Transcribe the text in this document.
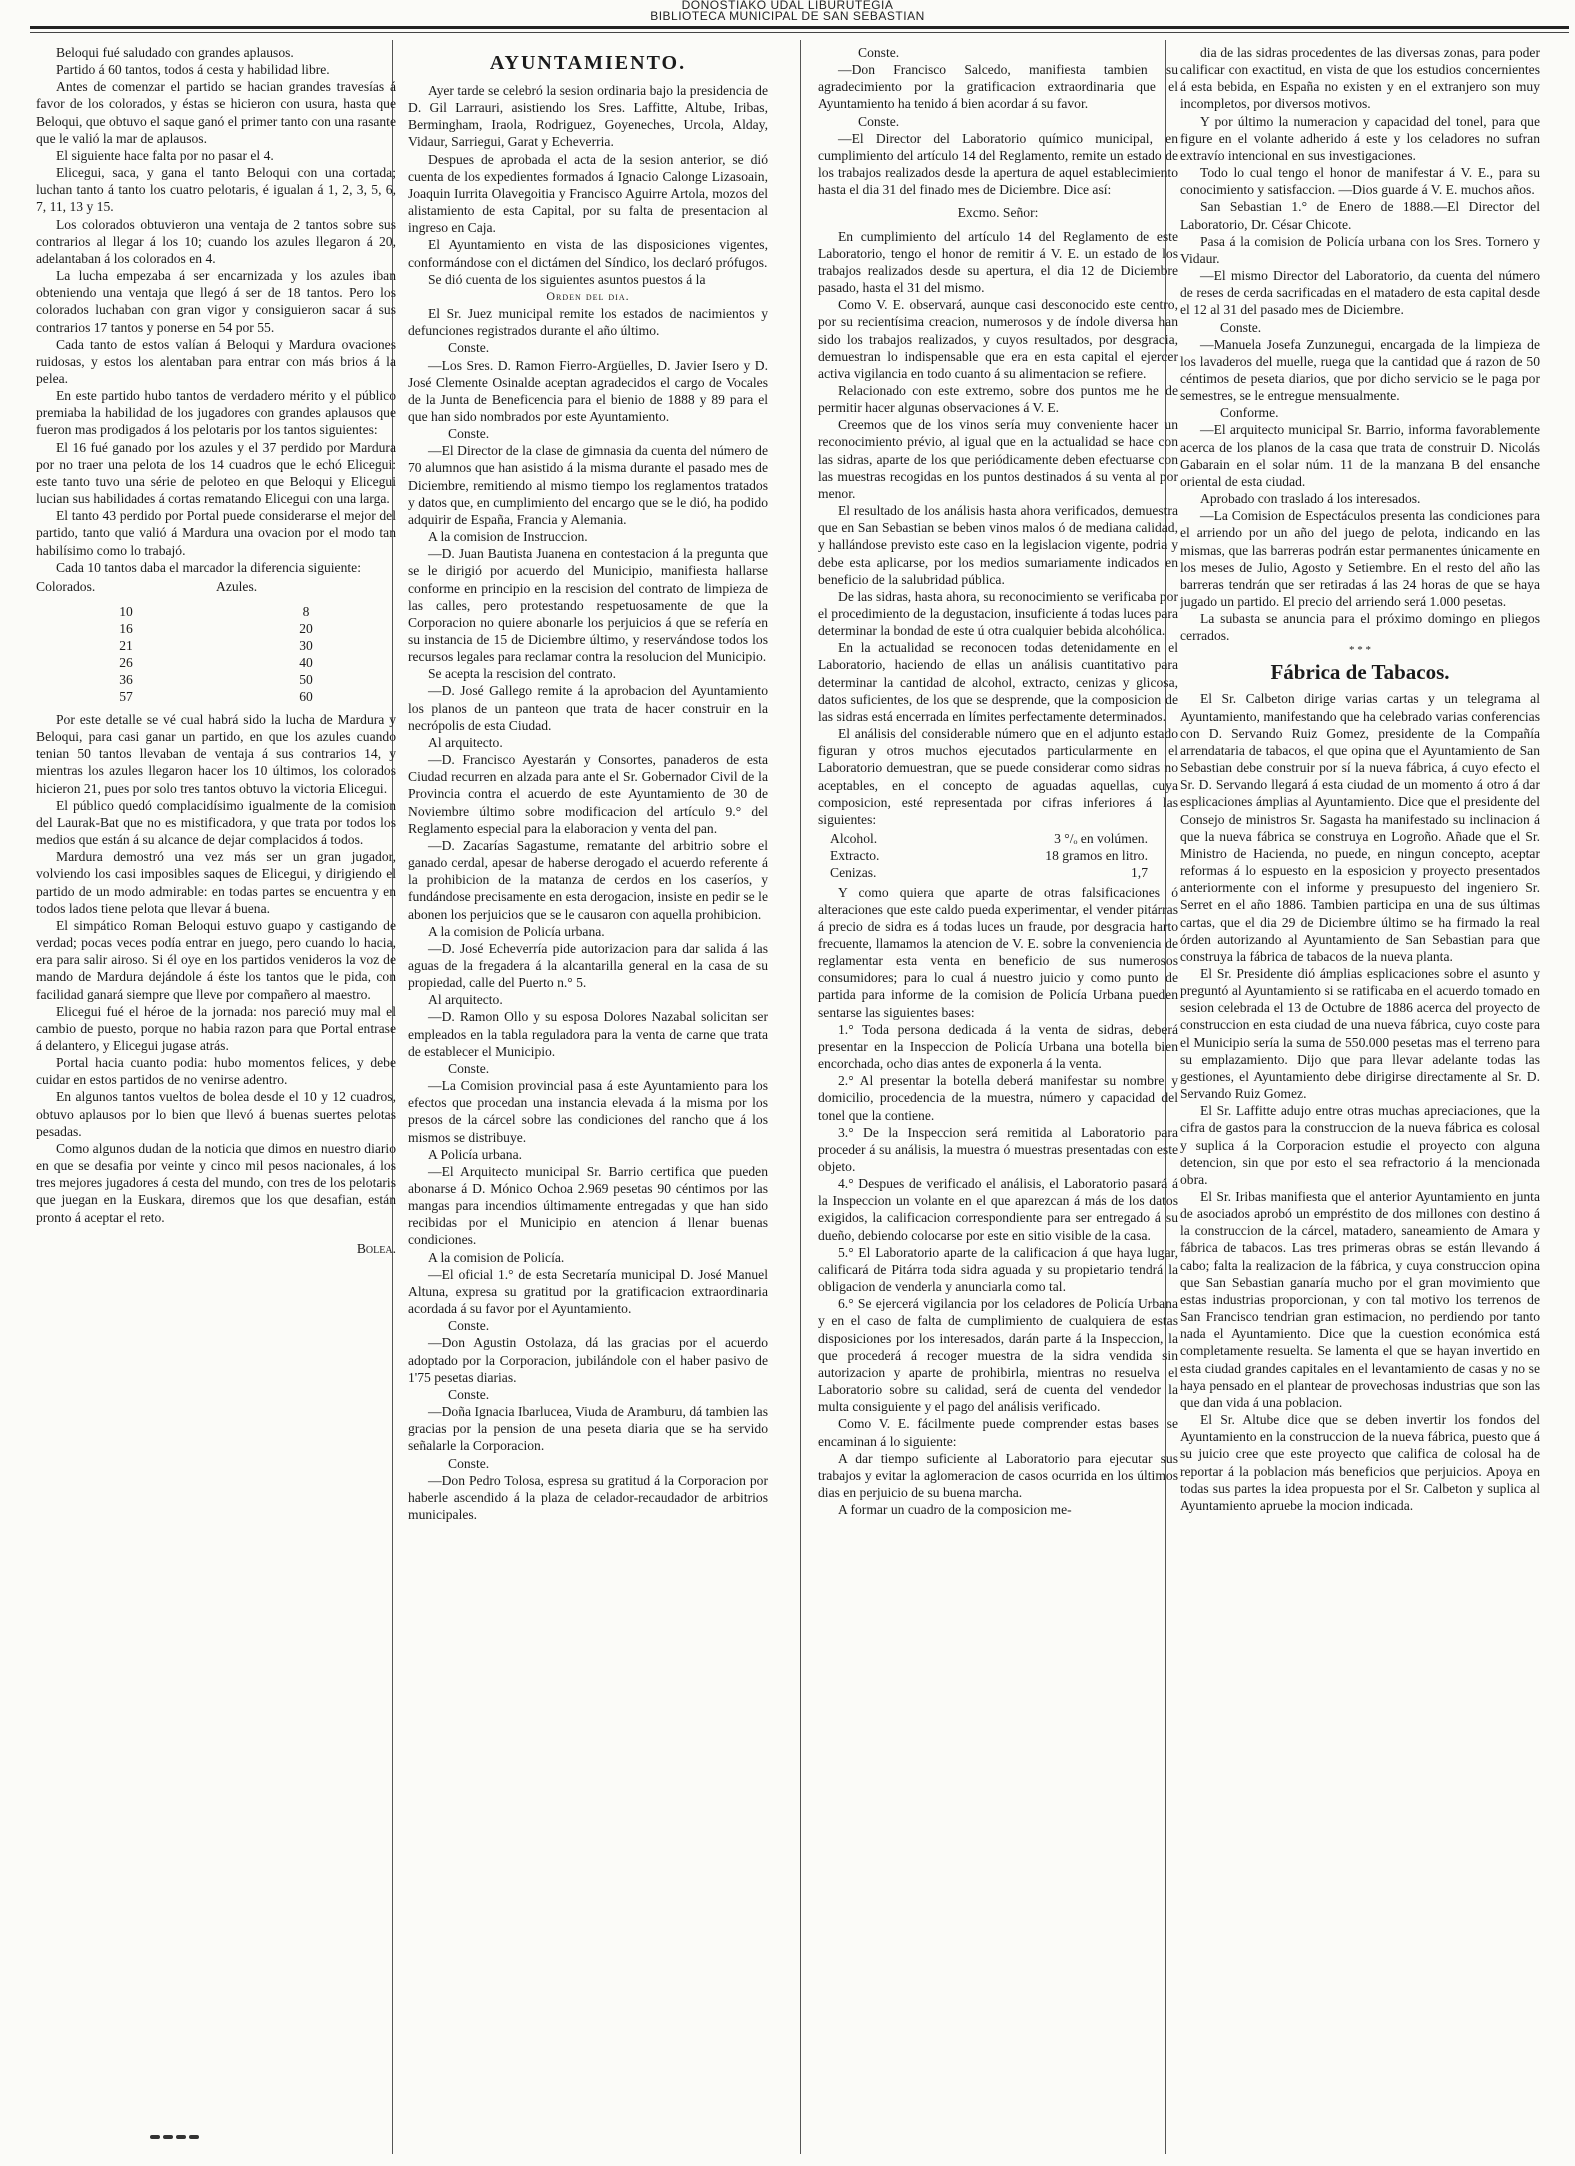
DONOSTIAKO UDAL LIBURUTEGIA
BIBLIOTECA MUNICIPAL DE SAN SEBASTIAN

Beloqui fué saludado con grandes aplausos.

Partido á 60 tantos, todos á cesta y habilidad libre.

Antes de comenzar el partido se hacian grandes travesías á favor de los colorados, y éstas se hicieron con usura, hasta que Beloqui, que obtuvo el saque ganó el primer tanto con una rasante que le valió la mar de aplausos.

El siguiente hace falta por no pasar el 4.

Elicegui, saca, y gana el tanto Beloqui con una cortada; luchan tanto á tanto los cuatro pelotaris, é igualan á 1, 2, 3, 5, 6, 7, 11, 13 y 15.

Los colorados obtuvieron una ventaja de 2 tantos sobre sus contrarios al llegar á los 10; cuando los azules llegaron á 20, adelantaban á los colorados en 4.

La lucha empezaba á ser encarnizada y los azules iban obteniendo una ventaja que llegó á ser de 18 tantos. Pero los colorados luchaban con gran vigor y consiguieron sacar á sus contrarios 17 tantos y ponerse en 54 por 55.

Cada tanto de estos valían á Beloqui y Mardura ovaciones ruidosas, y estos los alentaban para entrar con más brios á la pelea.

En este partido hubo tantos de verdadero mérito y el público premiaba la habilidad de los jugadores con grandes aplausos que fueron mas prodigados á los pelotaris por los tantos siguientes:

El 16 fué ganado por los azules y el 37 perdido por Mardura por no traer una pelota de los 14 cuadros que le echó Elicegui: este tanto tuvo una série de peloteo en que Beloqui y Elicegui lucian sus habilidades á cortas rematando Elicegui con una larga.

El tanto 43 perdido por Portal puede considerarse el mejor del partido, tanto que valió á Mardura una ovacion por el modo tan habilísimo como lo trabajó.

Cada 10 tantos daba el marcador la diferencia siguiente:

Colorados.	Azules.
10	8
16	20
21	30
26	40
36	50
57	60

Por este detalle se vé cual habrá sido la lucha de Mardura y Beloqui, para casi ganar un partido, en que los azules cuando tenian 50 tantos llevaban de ventaja á sus contrarios 14, y mientras los azules llegaron hacer los 10 últimos, los colorados hicieron 21, pues por solo tres tantos obtuvo la victoria Elicegui.

El público quedó complacidísimo igualmente de la comision del Laurak-Bat que no es mistificadora, y que trata por todos los medios que están á su alcance de dejar complacidos á todos.

Mardura demostró una vez más ser un gran jugador, volviendo los casi imposibles saques de Elicegui, y dirigiendo el partido de un modo admirable: en todas partes se encuentra y en todos lados tiene pelota que llevar á buena.

El simpático Roman Beloqui estuvo guapo y castigando de verdad; pocas veces podía entrar en juego, pero cuando lo hacia, era para salir airoso. Si él oye en los partidos venideros la voz de mando de Mardura dejándole á éste los tantos que le pida, con facilidad ganará siempre que lleve por compañero al maestro.

Elicegui fué el héroe de la jornada: nos pareció muy mal el cambio de puesto, porque no habia razon para que Portal entrase á delantero, y Elicegui jugase atrás.

Portal hacia cuanto podia: hubo momentos felices, y debe cuidar en estos partidos de no venirse adentro.

En algunos tantos vueltos de bolea desde el 10 y 12 cuadros, obtuvo aplausos por lo bien que llevó á buenas suertes pelotas pesadas.

Como algunos dudan de la noticia que dimos en nuestro diario en que se desafia por veinte y cinco mil pesos nacionales, á los tres mejores jugadores á cesta del mundo, con tres de los pelotaris que juegan en la Euskara, diremos que los que desafian, están pronto á aceptar el reto.

Bolea.
AYUNTAMIENTO.

Ayer tarde se celebró la sesion ordinaria bajo la presidencia de D. Gil Larrauri, asistiendo los Sres. Laffitte, Altube, Iribas, Bermingham, Iraola, Rodriguez, Goyeneches, Urcola, Alday, Vidaur, Sarriegui, Garat y Echeverria.

Despues de aprobada el acta de la sesion anterior, se dió cuenta de los expedientes formados á Ignacio Calonge Lizasoain, Joaquin Iurrita Olavegoitia y Francisco Aguirre Artola, mozos del alistamiento de esta Capital, por su falta de presentacion al ingreso en Caja.

El Ayuntamiento en vista de las disposiciones vigentes, conformándose con el dictámen del Síndico, los declaró prófugos.

Se dió cuenta de los siguientes asuntos puestos á la

Orden del dia.

El Sr. Juez municipal remite los estados de nacimientos y defunciones registrados durante el año último.

Conste.

—Los Sres. D. Ramon Fierro-Argüelles, D. Javier Isero y D. José Clemente Osinalde aceptan agradecidos el cargo de Vocales de la Junta de Beneficencia para el bienio de 1888 y 89 para el que han sido nombrados por este Ayuntamiento.

Conste.

—El Director de la clase de gimnasia da cuenta del número de 70 alumnos que han asistido á la misma durante el pasado mes de Diciembre, remitiendo al mismo tiempo los reglamentos tratados y datos que, en cumplimiento del encargo que se le dió, ha podido adquirir de España, Francia y Alemania.

A la comision de Instruccion.

—D. Juan Bautista Juanena en contestacion á la pregunta que se le dirigió por acuerdo del Municipio, manifiesta hallarse conforme en principio en la rescision del contrato de limpieza de las calles, pero protestando respetuosamente de que la Corporacion no quiere abonarle los perjuicios á que se refería en su instancia de 15 de Diciembre último, y reservándose todos los recursos legales para reclamar contra la resolucion del Municipio.

Se acepta la rescision del contrato.

—D. José Gallego remite á la aprobacion del Ayuntamiento los planos de un panteon que trata de hacer construir en la necrópolis de esta Ciudad.

Al arquitecto.

—D. Francisco Ayestarán y Consortes, panaderos de esta Ciudad recurren en alzada para ante el Sr. Gobernador Civil de la Provincia contra el acuerdo de este Ayuntamiento de 30 de Noviembre último sobre modificacion del artículo 9.° del Reglamento especial para la elaboracion y venta del pan.

—D. Zacarías Sagastume, rematante del arbitrio sobre el ganado cerdal, apesar de haberse derogado el acuerdo referente á la prohibicion de la matanza de cerdos en los caseríos, y fundándose precisamente en esta derogacion, insiste en pedir se le abonen los perjuicios que se le causaron con aquella prohibicion.

A la comision de Policía urbana.

—D. José Echeverría pide autorizacion para dar salida á las aguas de la fregadera á la alcantarilla general en la casa de su propiedad, calle del Puerto n.° 5.

Al arquitecto.

—D. Ramon Ollo y su esposa Dolores Nazabal solicitan ser empleados en la tabla reguladora para la venta de carne que trata de establecer el Municipio.

Conste.

—La Comision provincial pasa á este Ayuntamiento para los efectos que procedan una instancia elevada á la misma por los presos de la cárcel sobre las condiciones del rancho que á los mismos se distribuye.

A Policía urbana.

—El Arquitecto municipal Sr. Barrio certifica que pueden abonarse á D. Mónico Ochoa 2.969 pesetas 90 céntimos por las mangas para incendios últimamente entregadas y que han sido recibidas por el Municipio en atencion á llenar buenas condiciones.

A la comision de Policía.

—El oficial 1.° de esta Secretaría municipal D. José Manuel Altuna, expresa su gratitud por la gratificacion extraordinaria acordada á su favor por el Ayuntamiento.

Conste.

—Don Agustin Ostolaza, dá las gracias por el acuerdo adoptado por la Corporacion, jubilándole con el haber pasivo de 1'75 pesetas diarias.

Conste.

—Doña Ignacia Ibarlucea, Viuda de Aramburu, dá tambien las gracias por la pension de una peseta diaria que se ha servido señalarle la Corporacion.

Conste.

—Don Pedro Tolosa, espresa su gratitud á la Corporacion por haberle ascendido á la plaza de celador-recaudador de arbitrios municipales.

Conste.

—Don Francisco Salcedo, manifiesta tambien su agradecimiento por la gratificacion extraordinaria que el Ayuntamiento ha tenido á bien acordar á su favor.

Conste.

—El Director del Laboratorio químico municipal, en cumplimiento del artículo 14 del Reglamento, remite un estado de los trabajos realizados desde la apertura de aquel establecimiento hasta el dia 31 del finado mes de Diciembre. Dice así:

Excmo. Señor:

En cumplimiento del artículo 14 del Reglamento de este Laboratorio, tengo el honor de remitir á V. E. un estado de los trabajos realizados desde su apertura, el dia 12 de Diciembre pasado, hasta el 31 del mismo.

Como V. E. observará, aunque casi desconocido este centro, por su recientísima creacion, numerosos y de índole diversa han sido los trabajos realizados, y cuyos resultados, por desgracia, demuestran lo indispensable que era en esta capital el ejercer activa vigilancia en todo cuanto á su alimentacion se refiere.

Relacionado con este extremo, sobre dos puntos me he de permitir hacer algunas observaciones á V. E.

Creemos que de los vinos sería muy conveniente hacer un reconocimiento prévio, al igual que en la actualidad se hace con las sidras, aparte de los que periódicamente deben efectuarse con las muestras recogidas en los puntos destinados á su venta al por menor.

El resultado de los análisis hasta ahora verificados, demuestra que en San Sebastian se beben vinos malos ó de mediana calidad, y hallándose previsto este caso en la legislacion vigente, podria y debe esta aplicarse, por los medios sumariamente indicados en beneficio de la salubridad pública.

De las sidras, hasta ahora, su reconocimiento se verificaba por el procedimiento de la degustacion, insuficiente á todas luces para determinar la bondad de este ú otra cualquier bebida alcohólica.

En la actualidad se reconocen todas detenidamente en el Laboratorio, haciendo de ellas un análisis cuantitativo para determinar la cantidad de alcohol, extracto, cenizas y glicosa, datos suficientes, de los que se desprende, que la composicion de las sidras está encerrada en límites perfectamente determinados.

El análisis del considerable número que en el adjunto estado figuran y otros muchos ejecutados particularmente en el Laboratorio demuestran, que se puede considerar como sidras no aceptables, en el concepto de aguadas aquellas, cuya composicion, esté representada por cifras inferiores á las siguientes:

Alcohol.	3 °/ₒ en volúmen.
Extracto.	18 gramos en litro.
Cenizas.	1,7

Y como quiera que aparte de otras falsificaciones ó alteraciones que este caldo pueda experimentar, el vender pitárras á precio de sidra es á todas luces un fraude, por desgracia harto frecuente, llamamos la atencion de V. E. sobre la conveniencia de reglamentar esta venta en beneficio de sus numerosos consumidores; para lo cual á nuestro juicio y como punto de partida para informe de la comision de Policía Urbana pueden sentarse las siguientes bases:

1.° Toda persona dedicada á la venta de sidras, deberá presentar en la Inspeccion de Policía Urbana una botella bien encorchada, ocho dias antes de exponerla á la venta.

2.° Al presentar la botella deberá manifestar su nombre y domicilio, procedencia de la muestra, número y capacidad del tonel que la contiene.

3.° De la Inspeccion será remitida al Laboratorio para proceder á su análisis, la muestra ó muestras presentadas con este objeto.

4.° Despues de verificado el análisis, el Laboratorio pasará á la Inspeccion un volante en el que aparezcan á más de los datos exigidos, la calificacion correspondiente para ser entregado á su dueño, debiendo colocarse por este en sitio visible de la casa.

5.° El Laboratorio aparte de la calificacion á que haya lugar, calificará de Pitárra toda sidra aguada y su propietario tendrá la obligacion de venderla y anunciarla como tal.

6.° Se ejercerá vigilancia por los celadores de Policía Urbana y en el caso de falta de cumplimiento de cualquiera de estas disposiciones por los interesados, darán parte á la Inspeccion, la que procederá á recoger muestra de la sidra vendida sin autorizacion y aparte de prohibirla, mientras no resuelva el Laboratorio sobre su calidad, será de cuenta del vendedor la multa consiguiente y el pago del análisis verificado.

Como V. E. fácilmente puede comprender estas bases se encaminan á lo siguiente:

A dar tiempo suficiente al Laboratorio para ejecutar sus trabajos y evitar la aglomeracion de casos ocurrida en los últimos dias en perjuicio de su buena marcha.

A formar un cuadro de la composicion me-

dia de las sidras procedentes de las diversas zonas, para poder calificar con exactitud, en vista de que los estudios concernientes á esta bebida, en España no existen y en el extranjero son muy incompletos, por diversos motivos.

Y por último la numeracion y capacidad del tonel, para que figure en el volante adherido á este y los celadores no sufran extravío intencional en sus investigaciones.

Todo lo cual tengo el honor de manifestar á V. E., para su conocimiento y satisfaccion. —Dios guarde á V. E. muchos años.

San Sebastian 1.° de Enero de 1888.—El Director del Laboratorio, Dr. César Chicote.

Pasa á la comision de Policía urbana con los Sres. Tornero y Vidaur.

—El mismo Director del Laboratorio, da cuenta del número de reses de cerda sacrificadas en el matadero de esta capital desde el 12 al 31 del pasado mes de Diciembre.

Conste.

—Manuela Josefa Zunzunegui, encargada de la limpieza de los lavaderos del muelle, ruega que la cantidad que á razon de 50 céntimos de peseta diarios, que por dicho servicio se le paga por semestres, se le entregue mensualmente.

Conforme.

—El arquitecto municipal Sr. Barrio, informa favorablemente acerca de los planos de la casa que trata de construir D. Nicolás Gabarain en el solar núm. 11 de la manzana B del ensanche oriental de esta ciudad.

Aprobado con traslado á los interesados.

—La Comision de Espectáculos presenta las condiciones para el arriendo por un año del juego de pelota, indicando en las mismas, que las barreras podrán estar permanentes únicamente en los meses de Julio, Agosto y Setiembre. En el resto del año las barreras tendrán que ser retiradas á las 24 horas de que se haya jugado un partido. El precio del arriendo será 1.000 pesetas.

La subasta se anuncia para el próximo domingo en pliegos cerrados.

* * *
Fábrica de Tabacos.

El Sr. Calbeton dirige varias cartas y un telegrama al Ayuntamiento, manifestando que ha celebrado varias conferencias con D. Servando Ruiz Gomez, presidente de la Compañía arrendataria de tabacos, el que opina que el Ayuntamiento de San Sebastian debe construir por sí la nueva fábrica, á cuyo efecto el Sr. D. Servando llegará á esta ciudad de un momento á otro á dar esplicaciones ámplias al Ayuntamiento. Dice que el presidente del Consejo de ministros Sr. Sagasta ha manifestado su inclinacion á que la nueva fábrica se construya en Logroño. Añade que el Sr. Ministro de Hacienda, no puede, en ningun concepto, aceptar reformas á lo espuesto en la esposicion y proyecto presentados anteriormente con el informe y presupuesto del ingeniero Sr. Serret en el año 1886. Tambien participa en una de sus últimas cartas, que el dia 29 de Diciembre último se ha firmado la real órden autorizando al Ayuntamiento de San Sebastian para que construya la fábrica de tabacos de la nueva planta.

El Sr. Presidente dió ámplias esplicaciones sobre el asunto y preguntó al Ayuntamiento si se ratificaba en el acuerdo tomado en sesion celebrada el 13 de Octubre de 1886 acerca del proyecto de construccion en esta ciudad de una nueva fábrica, cuyo coste para el Municipio sería la suma de 550.000 pesetas mas el terreno para su emplazamiento. Dijo que para llevar adelante todas las gestiones, el Ayuntamiento debe dirigirse directamente al Sr. D. Servando Ruiz Gomez.

El Sr. Laffitte adujo entre otras muchas apreciaciones, que la cifra de gastos para la construccion de la nueva fábrica es colosal y suplica á la Corporacion estudie el proyecto con alguna detencion, sin que por esto el sea refractorio á la mencionada obra.

El Sr. Iribas manifiesta que el anterior Ayuntamiento en junta de asociados aprobó un empréstito de dos millones con destino á la construccion de la cárcel, matadero, saneamiento de Amara y fábrica de tabacos. Las tres primeras obras se están llevando á cabo; falta la realizacion de la fábrica, y cuya construccion opina que San Sebastian ganaría mucho por el gran movimiento que estas industrias proporcionan, y con tal motivo los terrenos de San Francisco tendrian gran estimacion, no perdiendo por tanto nada el Ayuntamiento. Dice que la cuestion económica está completamente resuelta. Se lamenta el que se hayan invertido en esta ciudad grandes capitales en el levantamiento de casas y no se haya pensado en el plantear de provechosas industrias que son las que dan vida á una poblacion.

El Sr. Altube dice que se deben invertir los fondos del Ayuntamiento en la construccion de la nueva fábrica, puesto que á su juicio cree que este proyecto que califica de colosal ha de reportar á la poblacion más beneficios que perjuicios. Apoya en todas sus partes la idea propuesta por el Sr. Calbeton y suplica al Ayuntamiento apruebe la mocion indicada.
